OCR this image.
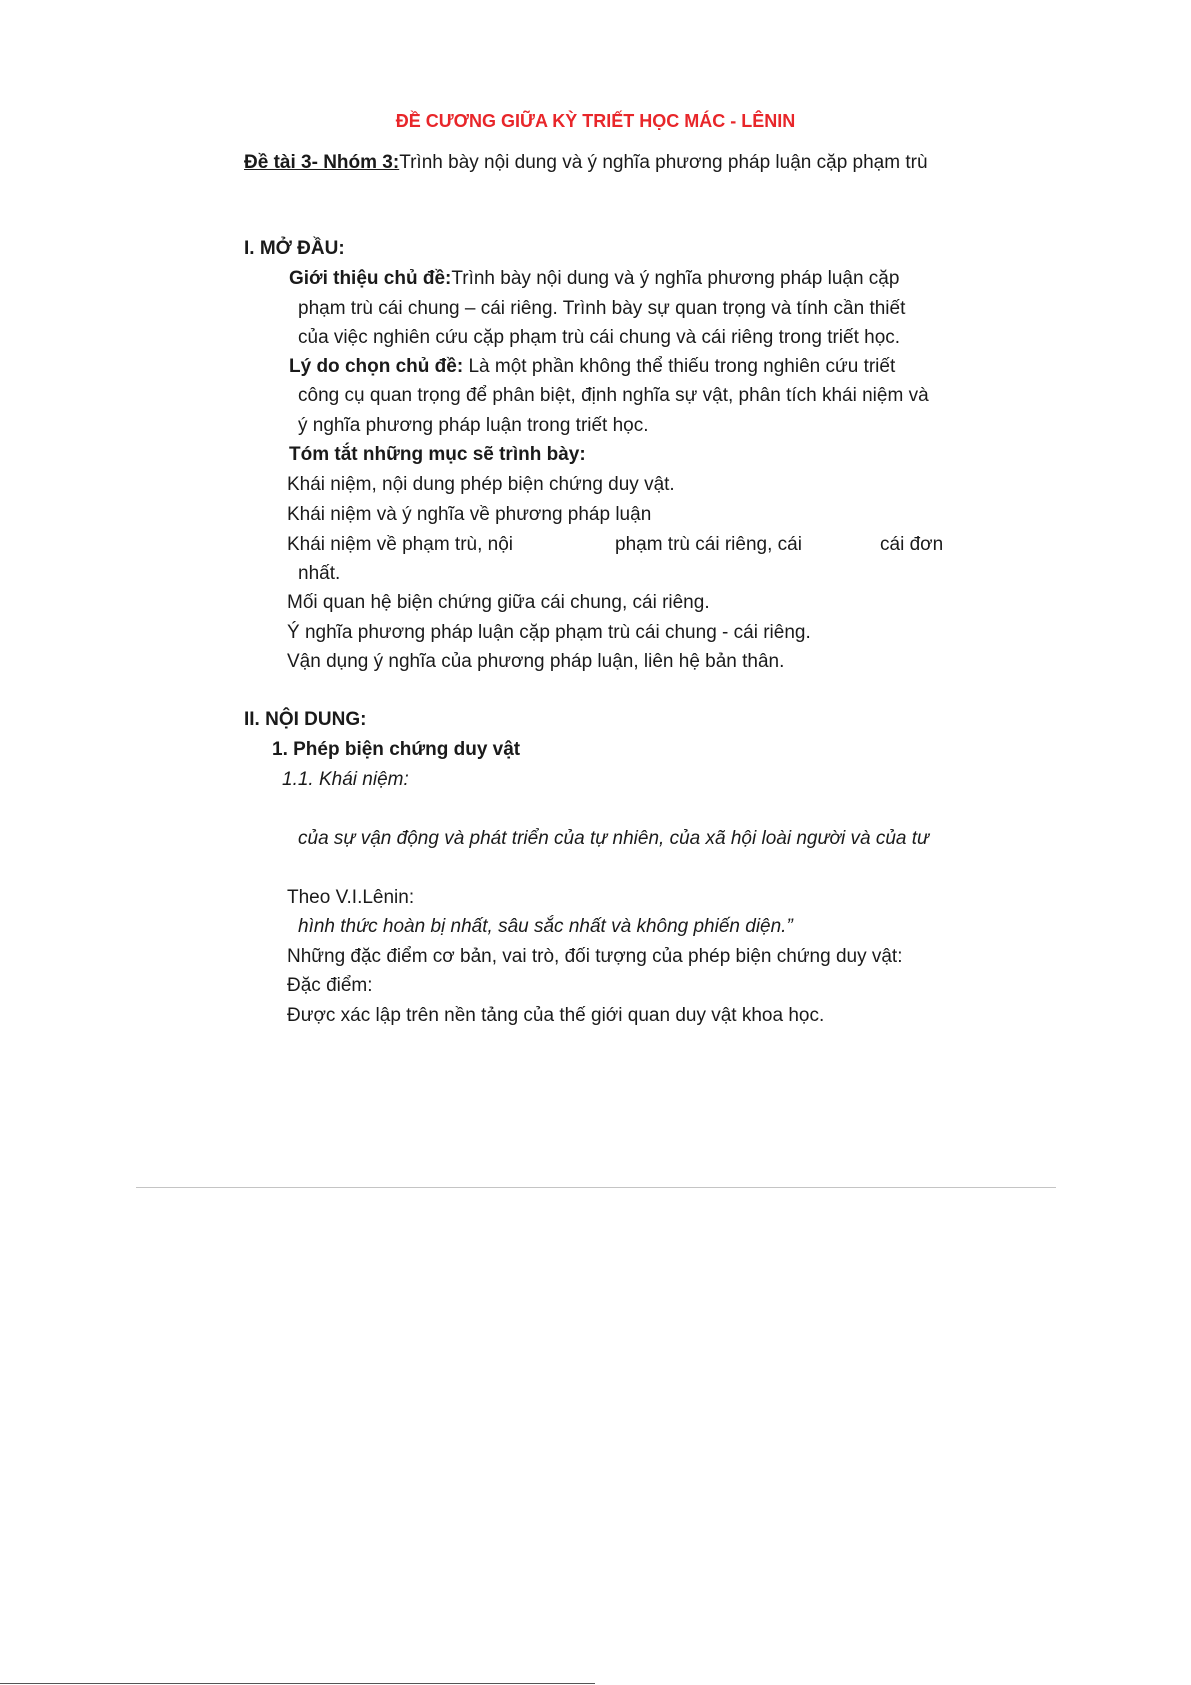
ĐỀ CƯƠNG GIỮA KỲ TRIẾT HỌC MÁC - LÊNIN
Đề tài 3- Nhóm 3:Trình bày nội dung và ý nghĩa phương pháp luận cặp phạm trù
I. MỞ ĐẦU:
Giới thiệu chủ đề:Trình bày nội dung và ý nghĩa phương pháp luận cặp
phạm trù cái chung – cái riêng. Trình bày sự quan trọng và tính cần thiết
của việc nghiên cứu cặp phạm trù cái chung và cái riêng trong triết học.
Lý do chọn chủ đề: Là một phần không thể thiếu trong nghiên cứu triết
công cụ quan trọng để phân biệt, định nghĩa sự vật, phân tích khái niệm và
ý nghĩa phương pháp luận trong triết học.
Tóm tắt những mục sẽ trình bày:
Khái niệm, nội dung phép biện chứng duy vật.
Khái niệm và ý nghĩa về phương pháp luận
Khái niệm về phạm trù, nội	phạm trù cái riêng, cái	cái đơn
nhất.
Mối quan hệ biện chứng giữa cái chung, cái riêng.
Ý nghĩa phương pháp luận cặp phạm trù cái chung - cái riêng.
Vận dụng ý nghĩa của phương pháp luận, liên hệ bản thân.
II. NỘI DUNG:
1. Phép biện chứng duy vật
1.1. Khái niệm:
của sự vận động và phát triển của tự nhiên, của xã hội loài người và của tư
Theo V.I.Lênin:
hình thức hoàn bị nhất, sâu sắc nhất và không phiến diện.”
Những đặc điểm cơ bản, vai trò, đối tượng của phép biện chứng duy vật:
Đặc điểm:
Được xác lập trên nền tảng của thế giới quan duy vật khoa học.
